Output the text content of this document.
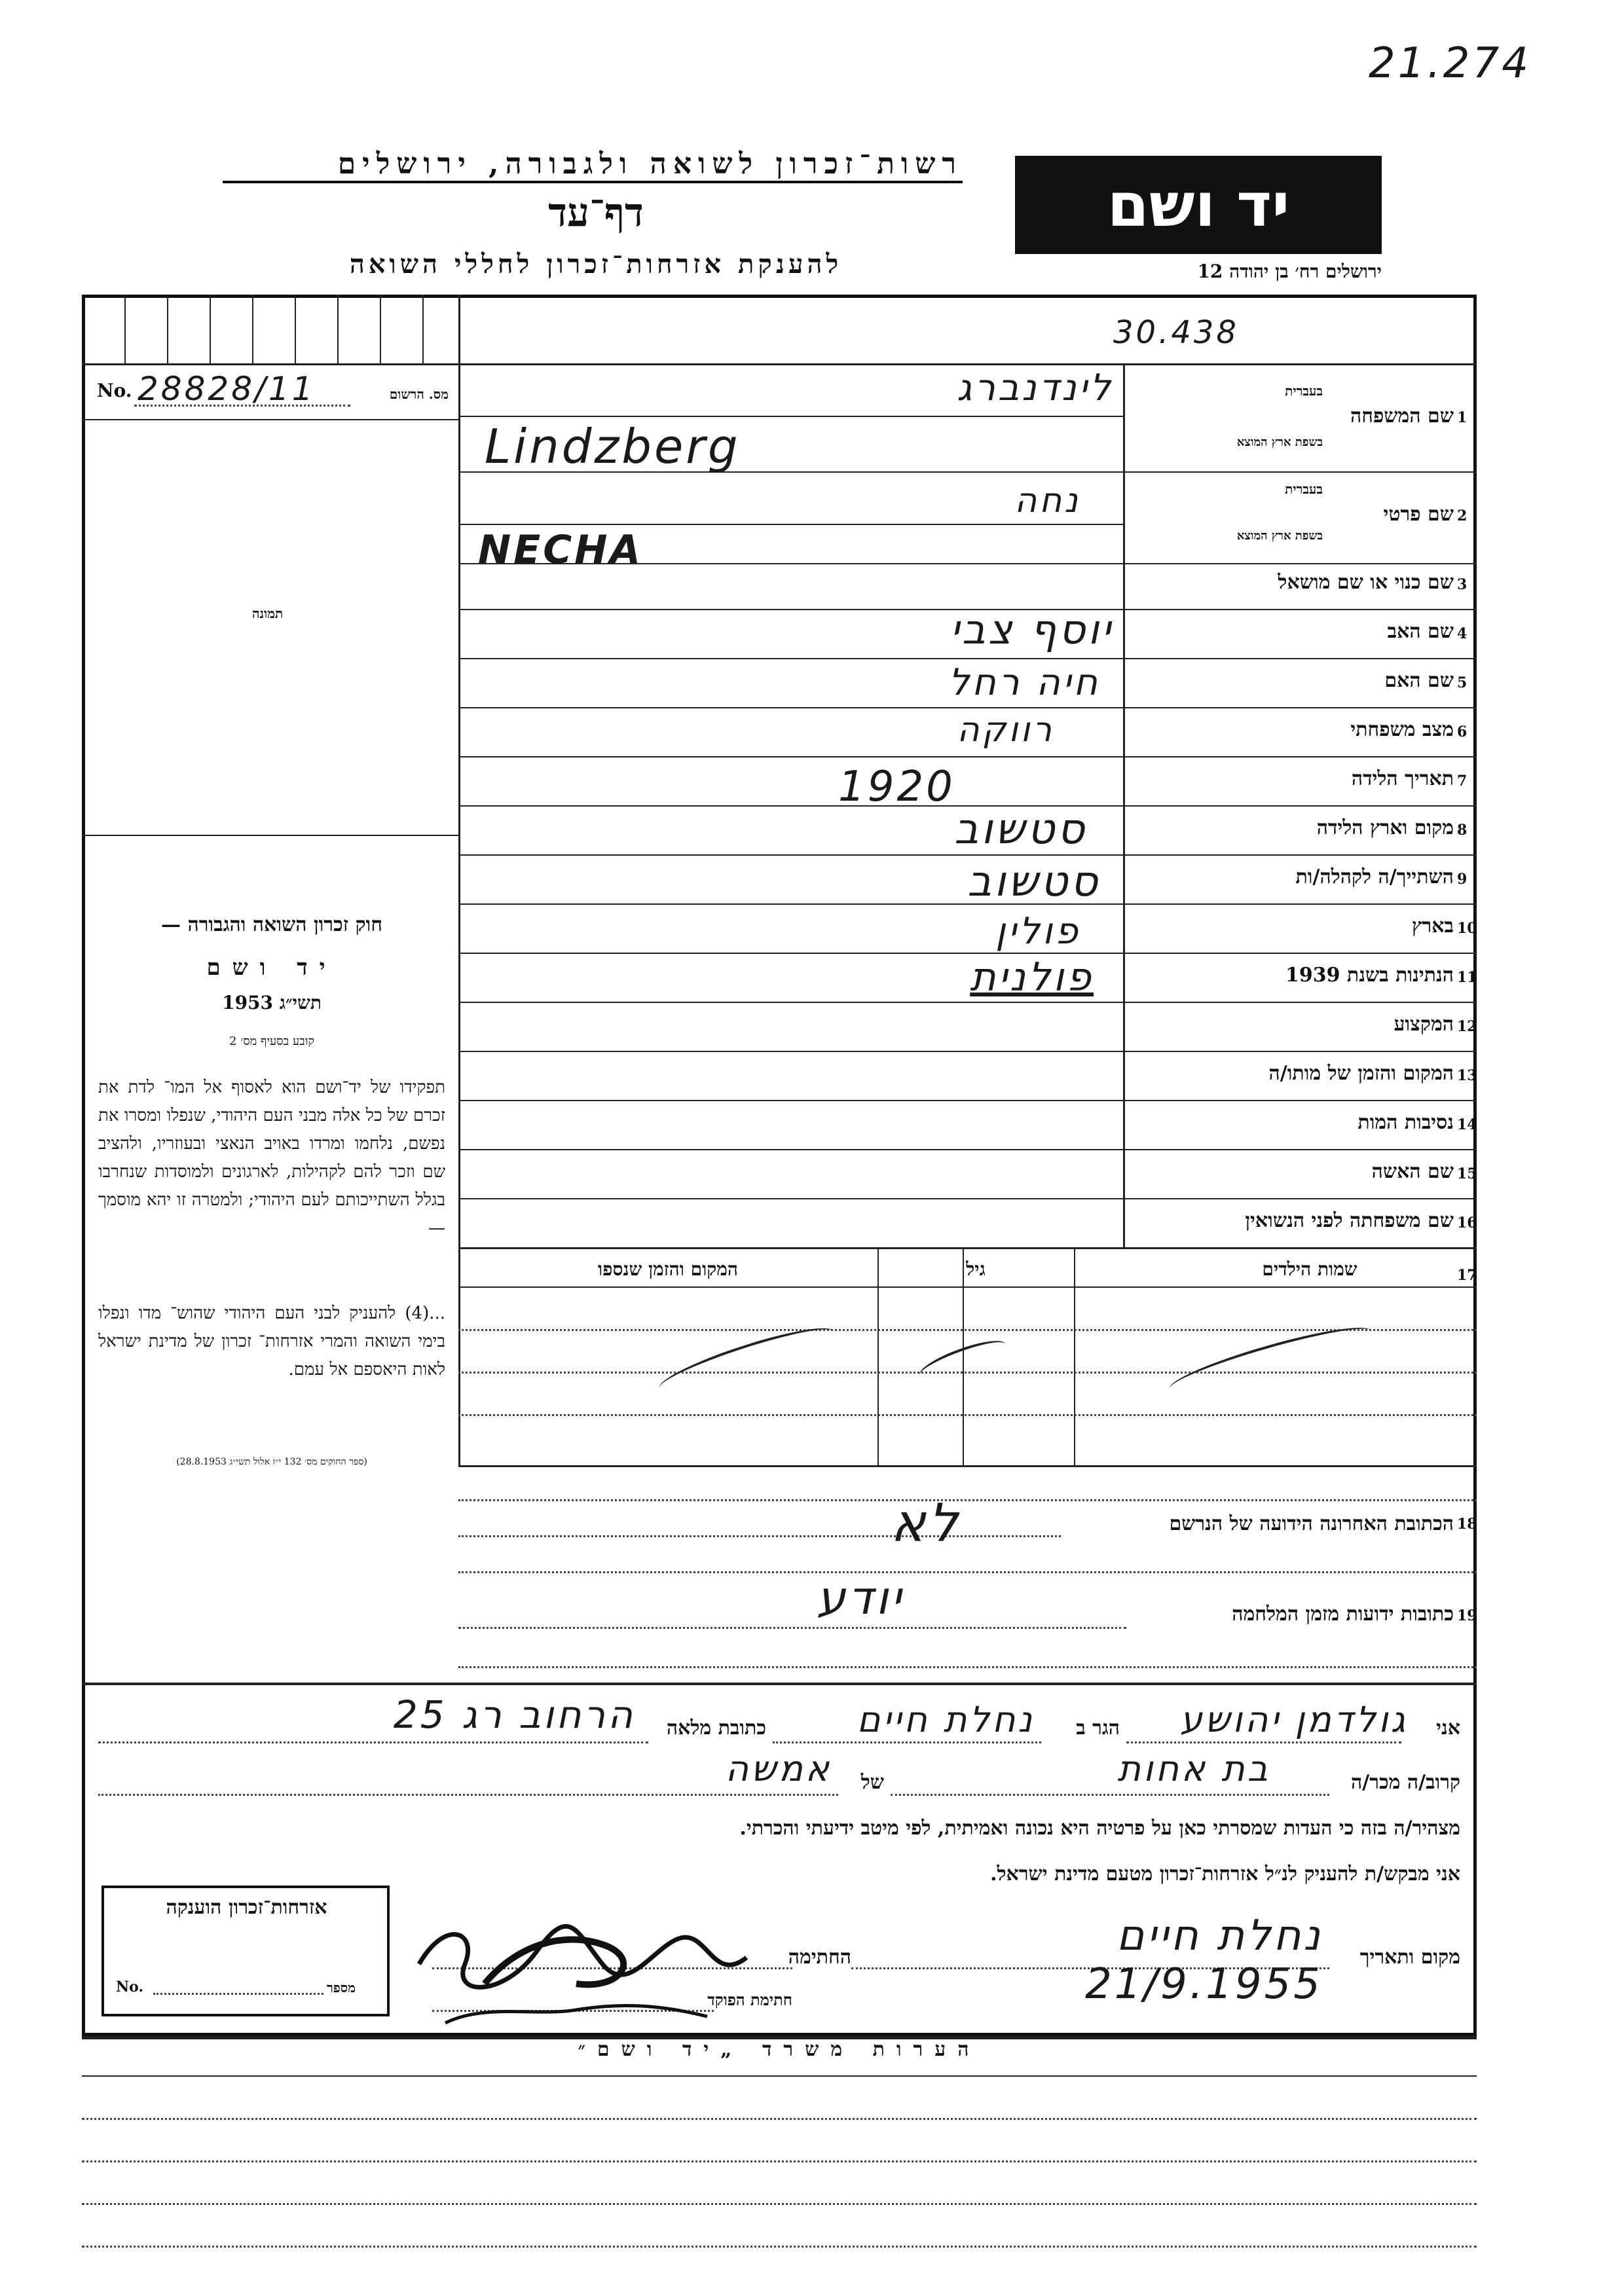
21.274
רשות־זכרון לשואה ולגבורה, ירושלים
דף־עד
להענקת אזרחות־זכרון לחללי השואה
יד ושם
ירושלים רח׳ בן יהודה 12
30.438
No. 28828/11	מס. הרשום
תמונה
חוק זכרון השואה והגבורה —
יד ושם
תשי״ג 1953
קובע בסעיף מס׳ 2
תפקידו של יד־ושם הוא לאסוף אל המו־ לדת את זכרם של כל אלה מבני העם היהודי, שנפלו ומסרו את נפשם, נלחמו ומרדו באויב הנאצי ובעוזריו, ולהציב שם וזכר להם לקהילות, לארגונים ולמוסדות שנחרבו בגלל השתייכותם לעם היהודי; ולמטרה זו יהא מוסמך —
...(4) להעניק לבני העם היהודי שהוש־ מדו ונפלו בימי השואה והמרי אזרחות־ זכרון של מדינת ישראל לאות היאספם אל עמם.
(ספר החוקים מס׳ 132 י״ז אלול תשי״ג 28.8.1953)
1
שם המשפחה
בעברית
בשפת ארץ המוצא
לינדנברג
Lindzberg
2
שם פרטי
בעברית
בשפת ארץ המוצא
נחה
NECHA
3
שם כנוי או שם מושאל
4
שם האב
יוסף צבי
5
שם האם
חיה רחל
6
מצב משפחתי
רווקה
7
תאריך הלידה
1920
8
מקום וארץ הלידה
סטשוב
9
השתייך/ה לקהלה/ות
סטשוב
10
בארץ
פולין
11
הנתינות בשנת 1939
פולנית
12
המקצוע
13
המקום והזמן של מותו/ה
14
נסיבות המות
15
שם האשה
16
שם משפחתה לפני הנשואין
17
שמות הילדים
גיל
המקום והזמן שנספו
18
הכתובת האחרונה הידועה של הנרשם
לא
19
כתובות ידועות מזמן המלחמה
יודע
אני
גולדמן יהושע
הגר ב
נחלת חיים
כתובת מלאה
הרחוב רג 25
קרוב/ה מכר/ה
בת אחות
של
אמשה
מצהיר/ה בזה כי העדות שמסרתי כאן על פרטיה היא נכונה ואמיתית, לפי מיטב ידיעתי והכרתי.
אני מבקש/ת להעניק לנ״ל אזרחות־זכרון מטעם מדינת ישראל.
מקום ותאריך
נחלת חיים 21/9.1955
החתימה
חתימת הפוקד
אזרחות־זכרון הוענקה
No.	מספר
הערות משרד „יד ושם״
